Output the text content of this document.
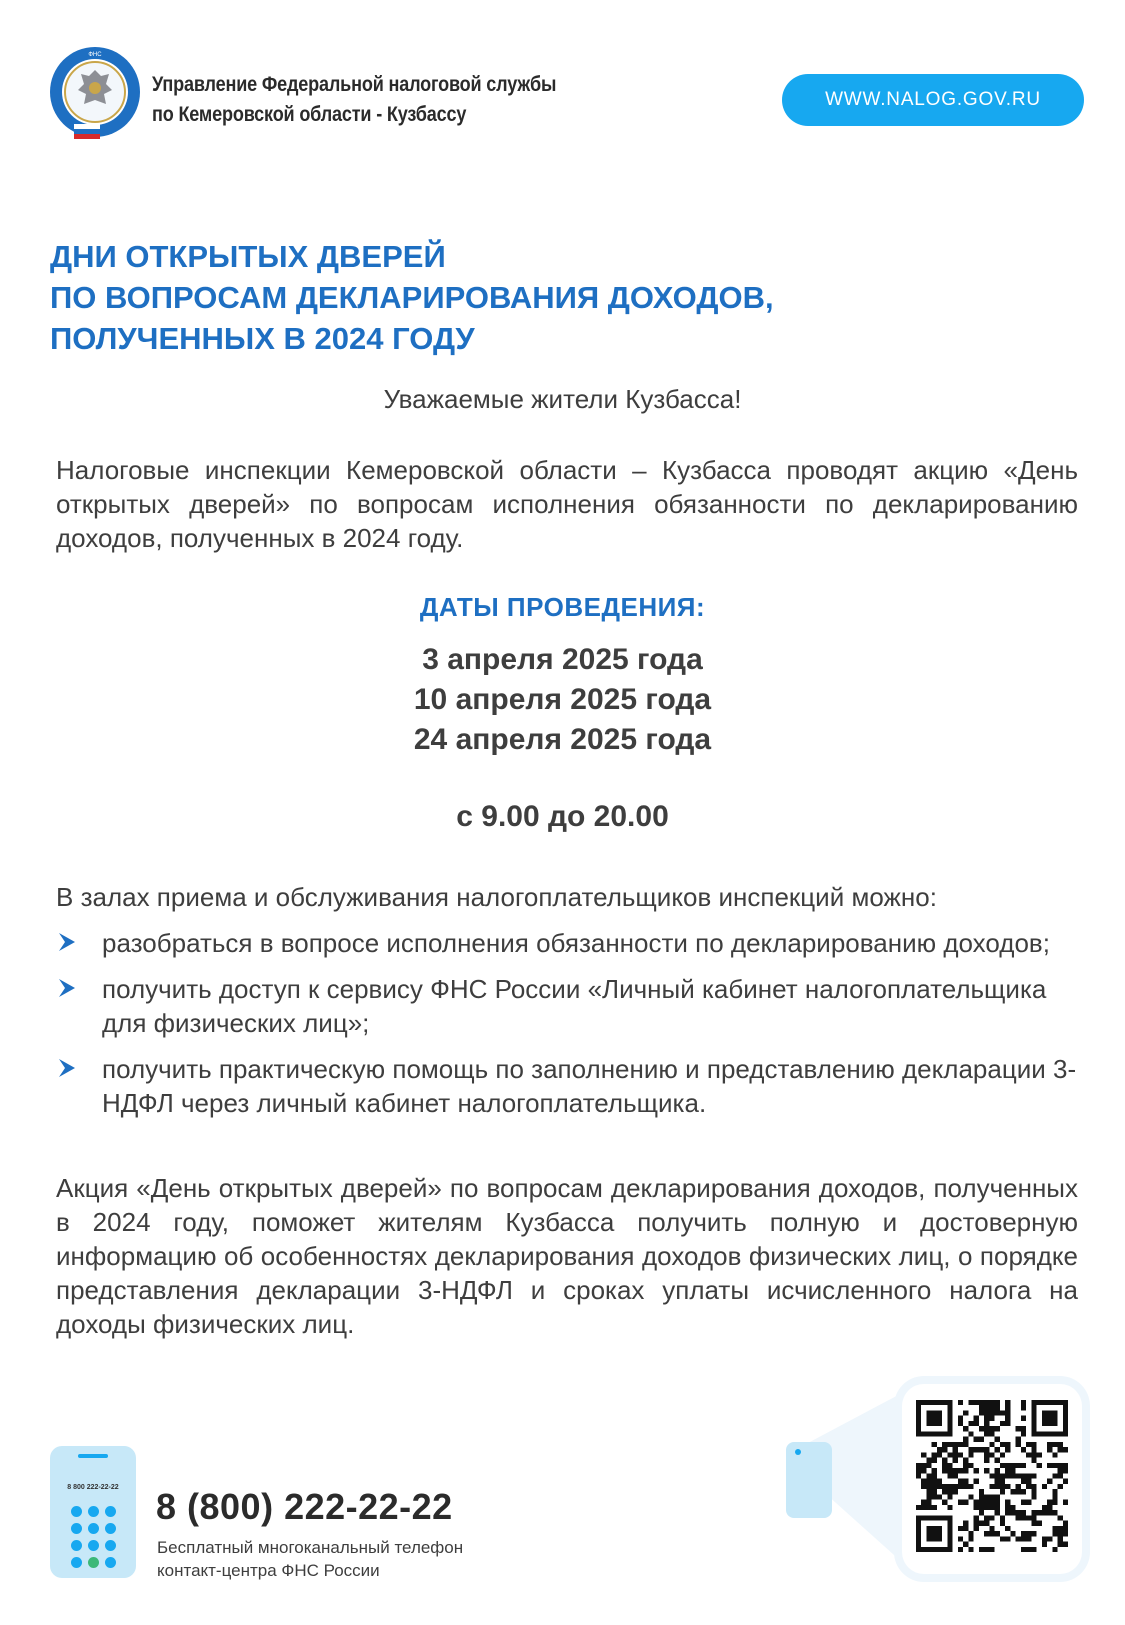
ФНС
Управление Федеральной налоговой службы
по Кемеровской области - Кузбассу
WWW.NALOG.GOV.RU
ДНИ ОТКРЫТЫХ ДВЕРЕЙ
ПО ВОПРОСАМ ДЕКЛАРИРОВАНИЯ ДОХОДОВ,
ПОЛУЧЕННЫХ В 2024 ГОДУ
Уважаемые жители Кузбасса!
Налоговые инспекции Кемеровской области – Кузбасса проводят акцию «День открытых дверей» по вопросам исполнения обязанности по декларированию доходов, полученных в 2024 году.
ДАТЫ ПРОВЕДЕНИЯ:
3 апреля 2025 года
10 апреля 2025 года
24 апреля 2025 года
с 9.00 до 20.00
В залах приема и обслуживания налогоплательщиков инспекций можно:
разобраться в вопросе исполнения обязанности по декларированию доходов;
получить доступ к сервису ФНС России «Личный кабинет налогоплательщика для физических лиц»;
получить практическую помощь по заполнению и представлению декларации 3-НДФЛ через личный кабинет налогоплательщика.
Акция «День открытых дверей» по вопросам декларирования доходов, полученных в 2024 году, поможет жителям Кузбасса получить полную и достоверную информацию об особенностях декларирования доходов физических лиц, о порядке представления декларации 3-НДФЛ и сроках уплаты исчисленного налога на доходы физических лиц.
8 800 222-22-22	8 (800) 222-22-22
Бесплатный многоканальный телефон
контакт-центра ФНС России
